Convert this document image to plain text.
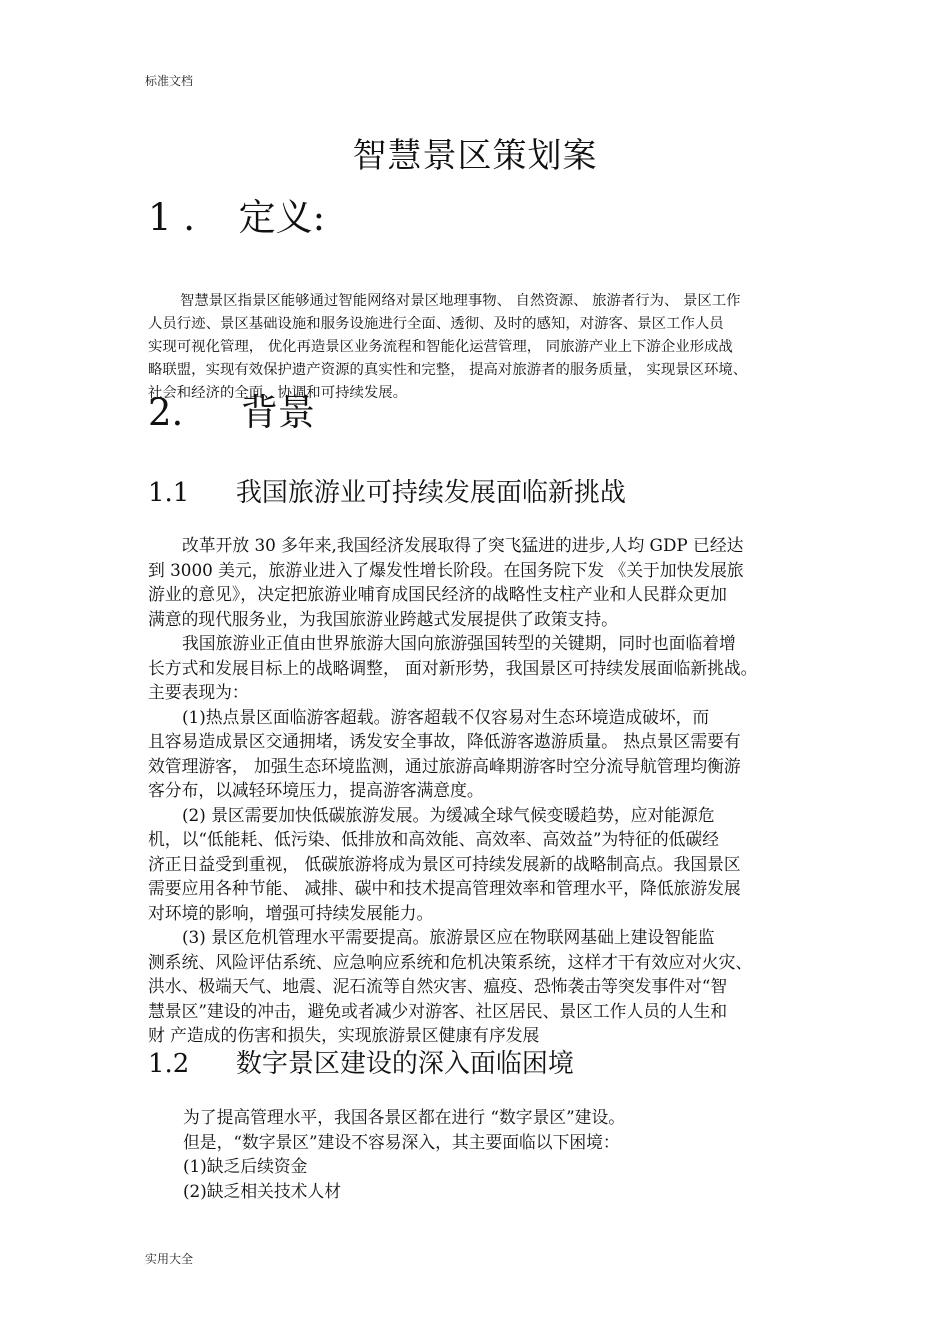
标准文档
智慧景区策划案
1 . 定义:

智慧景区指景区能够通过智能网络对景区地理事物、 自然资源、 旅游者行为、 景区工作
人员行迹、景区基础设施和服务设施进行全面、透彻、及时的感知，对游客、景区工作人员
实现可视化管理， 优化再造景区业务流程和智能化运营管理， 同旅游产业上下游企业形成战
略联盟，实现有效保护遗产资源的真实性和完整， 提高对旅游者的服务质量， 实现景区环境、
社会和经济的全面、协调和可持续发展。

2. 背景
1.1 我国旅游业可持续发展面临新挑战

改革开放 30 多年来,我国经济发展取得了突飞猛进的进步,人均 GDP 已经达
到 3000 美元，旅游业进入了爆发性增长阶段。在国务院下发 《关于加快发展旅
游业的意见》，决定把旅游业哺育成国民经济的战略性支柱产业和人民群众更加
满意的现代服务业，为我国旅游业跨越式发展提供了政策支持。
我国旅游业正值由世界旅游大国向旅游强国转型的关键期，同时也面临着增
长方式和发展目标上的战略调整， 面对新形势，我国景区可持续发展面临新挑战。
主要表现为：
(1)热点景区面临游客超载。游客超载不仅容易对生态环境造成破坏，而
且容易造成景区交通拥堵，诱发安全事故，降低游客遨游质量。 热点景区需要有
效管理游客， 加强生态环境监测，通过旅游高峰期游客时空分流导航管理均衡游
客分布，以减轻环境压力，提高游客满意度。
(2) 景区需要加快低碳旅游发展。为缓减全球气候变暖趋势，应对能源危
机，以“低能耗、低污染、低排放和高效能、高效率、高效益”为特征的低碳经
济正日益受到重视， 低碳旅游将成为景区可持续发展新的战略制高点。我国景区
需要应用各种节能、 减排、碳中和技术提高管理效率和管理水平，降低旅游发展
对环境的影响，增强可持续发展能力。
(3) 景区危机管理水平需要提高。旅游景区应在物联网基础上建设智能监
测系统、风险评估系统、应急响应系统和危机决策系统，这样才干有效应对火灾、
洪水、极端天气、地震、泥石流等自然灾害、瘟疫、恐怖袭击等突发事件对“智
慧景区”建设的冲击，避免或者减少对游客、社区居民、景区工作人员的人生和
财 产造成的伤害和损失，实现旅游景区健康有序发展

1.2 数字景区建设的深入面临困境
为了提高管理水平，我国各景区都在进行 “数字景区”建设。
但是，“数字景区”建设不容易深入，其主要面临以下困境：
(1)缺乏后续资金
(2)缺乏相关技术人材
实用大全
